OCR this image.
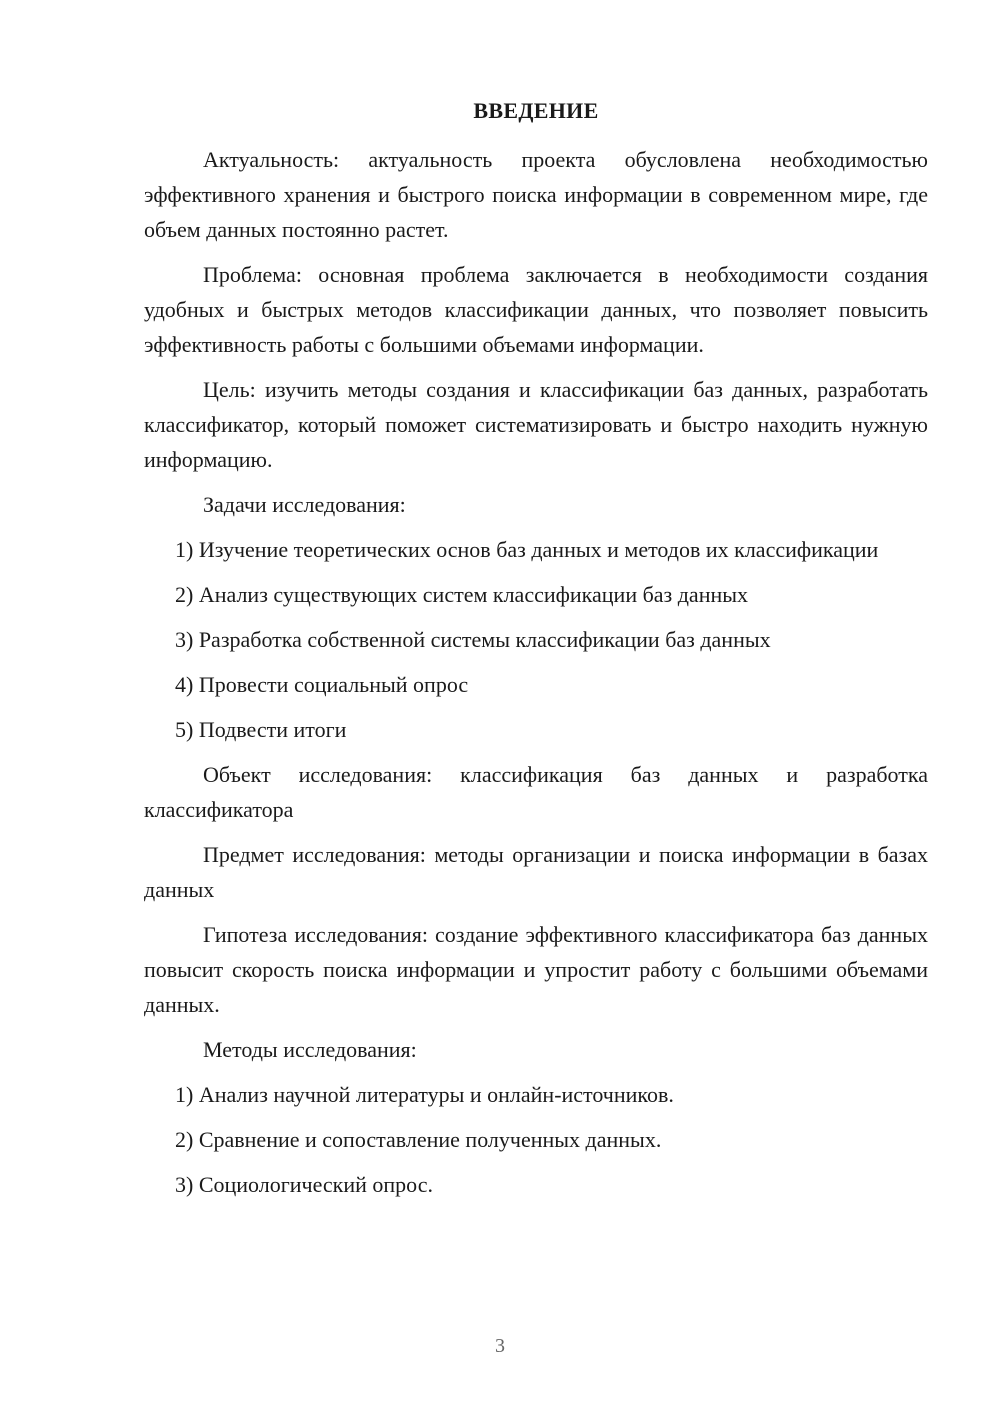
ВВЕДЕНИЕ

Актуальность: актуальность проекта обусловлена необходимостью эффективного хранения и быстрого поиска информации в современном мире, где объем данных постоянно растет.

Проблема: основная проблема заключается в необходимости создания удобных и быстрых методов классификации данных, что позволяет повысить эффективность работы с большими объемами информации.

Цель: изучить методы создания и классификации баз данных, разработать классификатор, который поможет систематизировать и быстро находить нужную информацию.

Задачи исследования:

1) Изучение теоретических основ баз данных и методов их классификации

2) Анализ существующих систем классификации баз данных

3) Разработка собственной системы классификации баз данных

4) Провести социальный опрос

5) Подвести итоги

Объект исследования: классификация баз данных и разработка классификатора

Предмет исследования: методы организации и поиска информации в базах данных

Гипотеза исследования: создание эффективного классификатора баз данных повысит скорость поиска информации и упростит работу с большими объемами данных.

Методы исследования:

1) Анализ научной литературы и онлайн-источников.

2) Сравнение и сопоставление полученных данных.

3) Социологический опрос.

3
